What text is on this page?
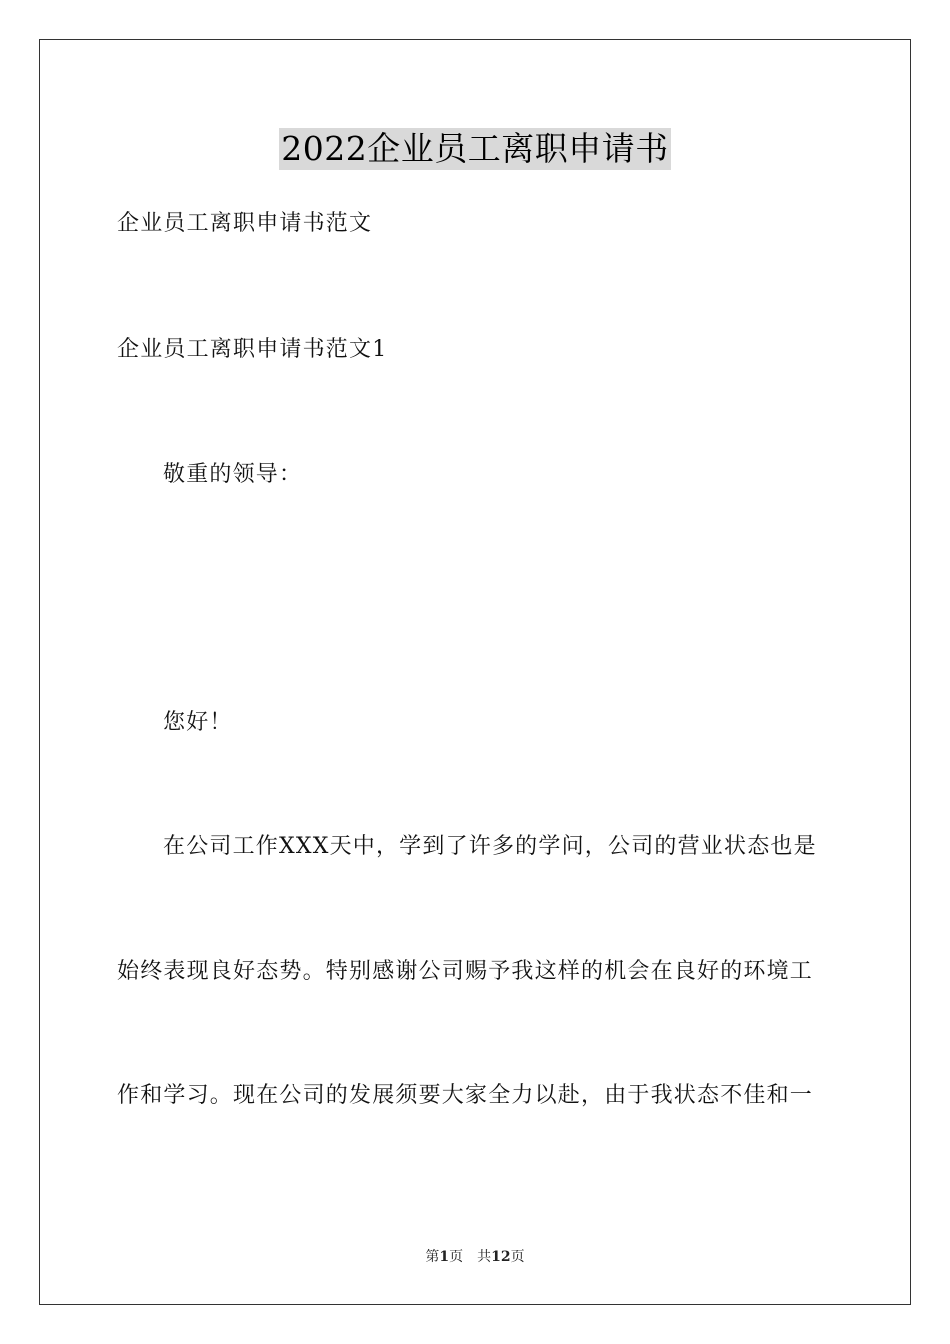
2022企业员工离职申请书
企业员工离职申请书范文
企业员工离职申请书范文1
敬重的领导：
您好！
在公司工作XXX天中，学到了许多的学问，公司的营业状态也是
始终表现良好态势。特别感谢公司赐予我这样的机会在良好的环境工
作和学习。现在公司的发展须要大家全力以赴，由于我状态不佳和一
第1页 共12页
